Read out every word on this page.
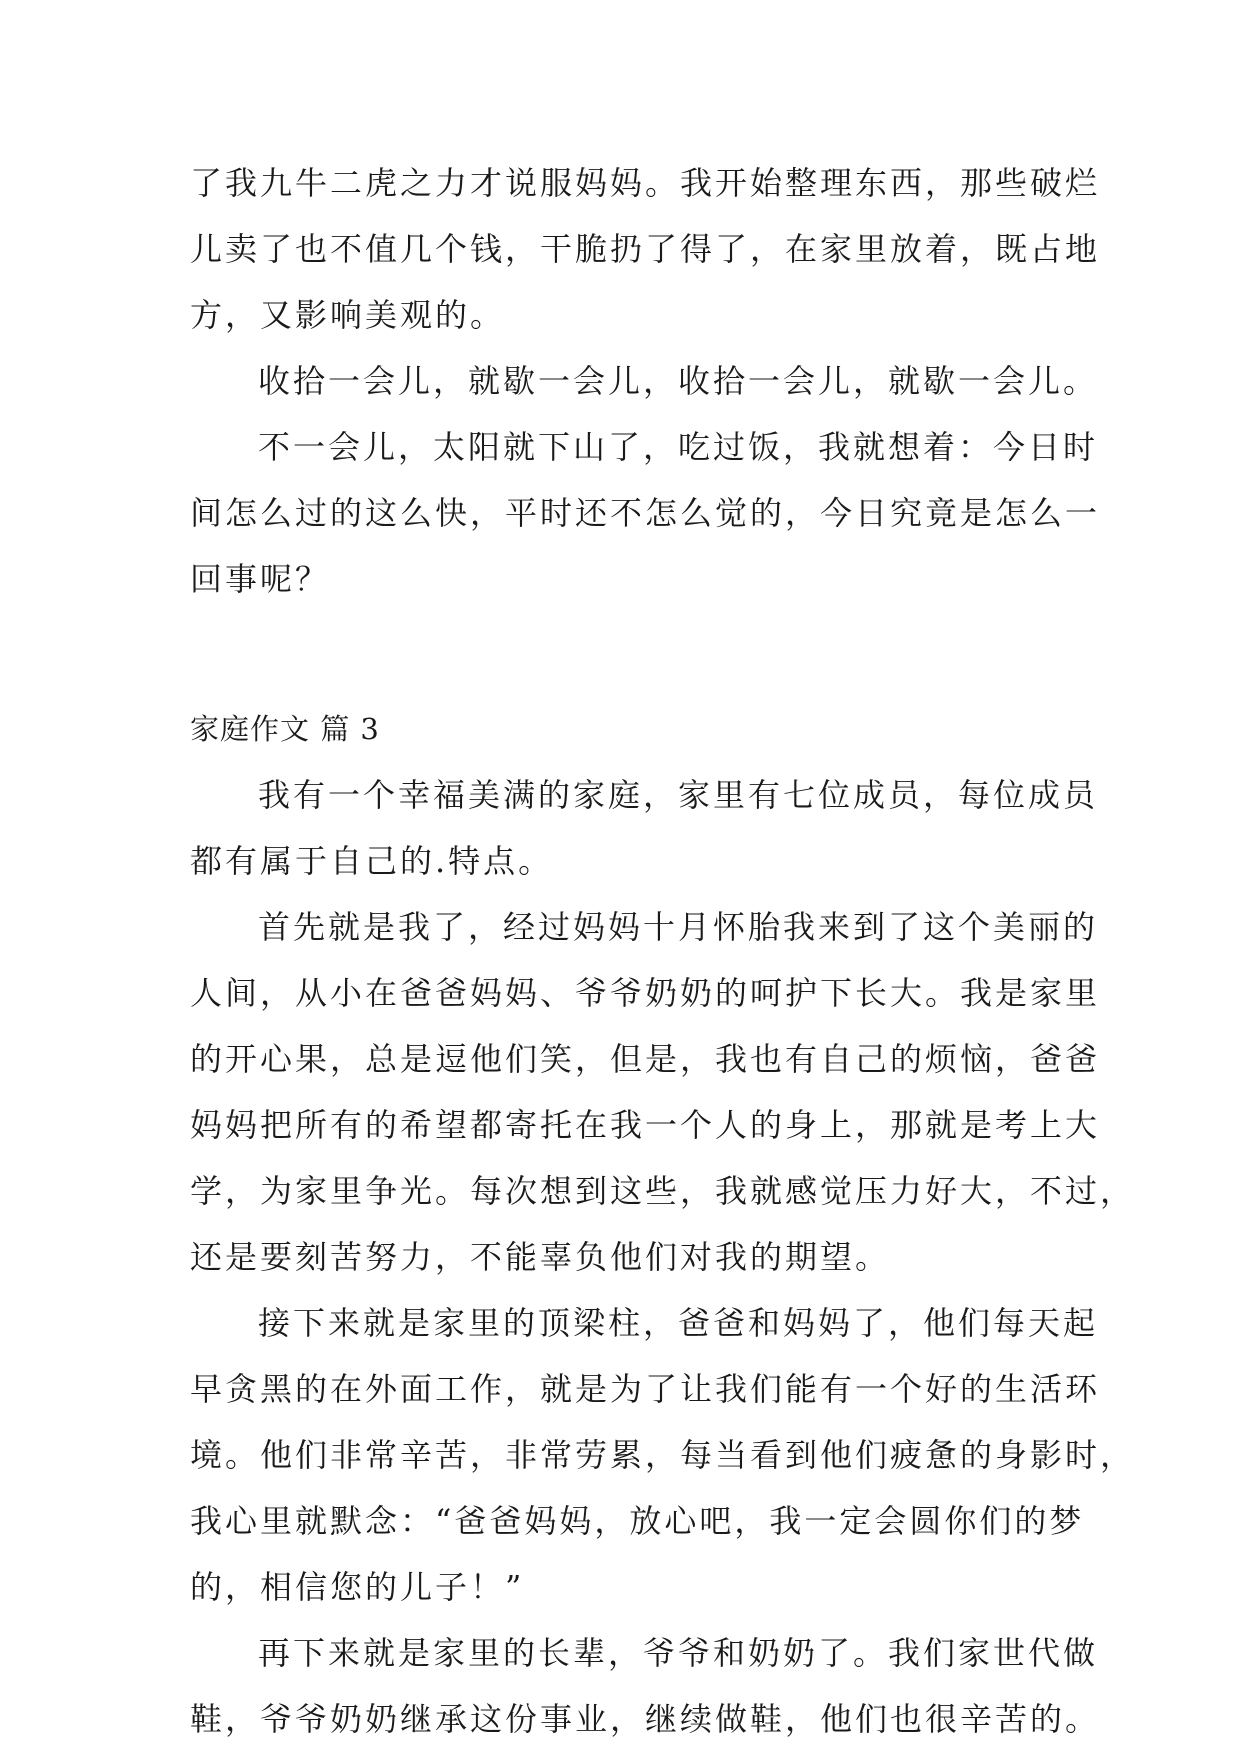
了我九牛二虎之力才说服妈妈。我开始整理东西，那些破烂
儿卖了也不值几个钱，干脆扔了得了，在家里放着，既占地
方，又影响美观的。
收拾一会儿，就歇一会儿，收拾一会儿，就歇一会儿。
不一会儿，太阳就下山了，吃过饭，我就想着：今日时
间怎么过的这么快，平时还不怎么觉的，今日究竟是怎么一
回事呢？
家庭作文 篇 3
我有一个幸福美满的家庭，家里有七位成员，每位成员
都有属于自己的.特点。
首先就是我了，经过妈妈十月怀胎我来到了这个美丽的
人间，从小在爸爸妈妈、爷爷奶奶的呵护下长大。我是家里
的开心果，总是逗他们笑，但是，我也有自己的烦恼，爸爸
妈妈把所有的希望都寄托在我一个人的身上，那就是考上大
学，为家里争光。每次想到这些，我就感觉压力好大，不过，
还是要刻苦努力，不能辜负他们对我的期望。
接下来就是家里的顶梁柱，爸爸和妈妈了，他们每天起
早贪黑的在外面工作，就是为了让我们能有一个好的生活环
境。他们非常辛苦，非常劳累，每当看到他们疲惫的身影时，
我心里就默念：“爸爸妈妈，放心吧，我一定会圆你们的梦
的，相信您的儿子！”
再下来就是家里的长辈，爷爷和奶奶了。我们家世代做
鞋，爷爷奶奶继承这份事业，继续做鞋，他们也很辛苦的。
